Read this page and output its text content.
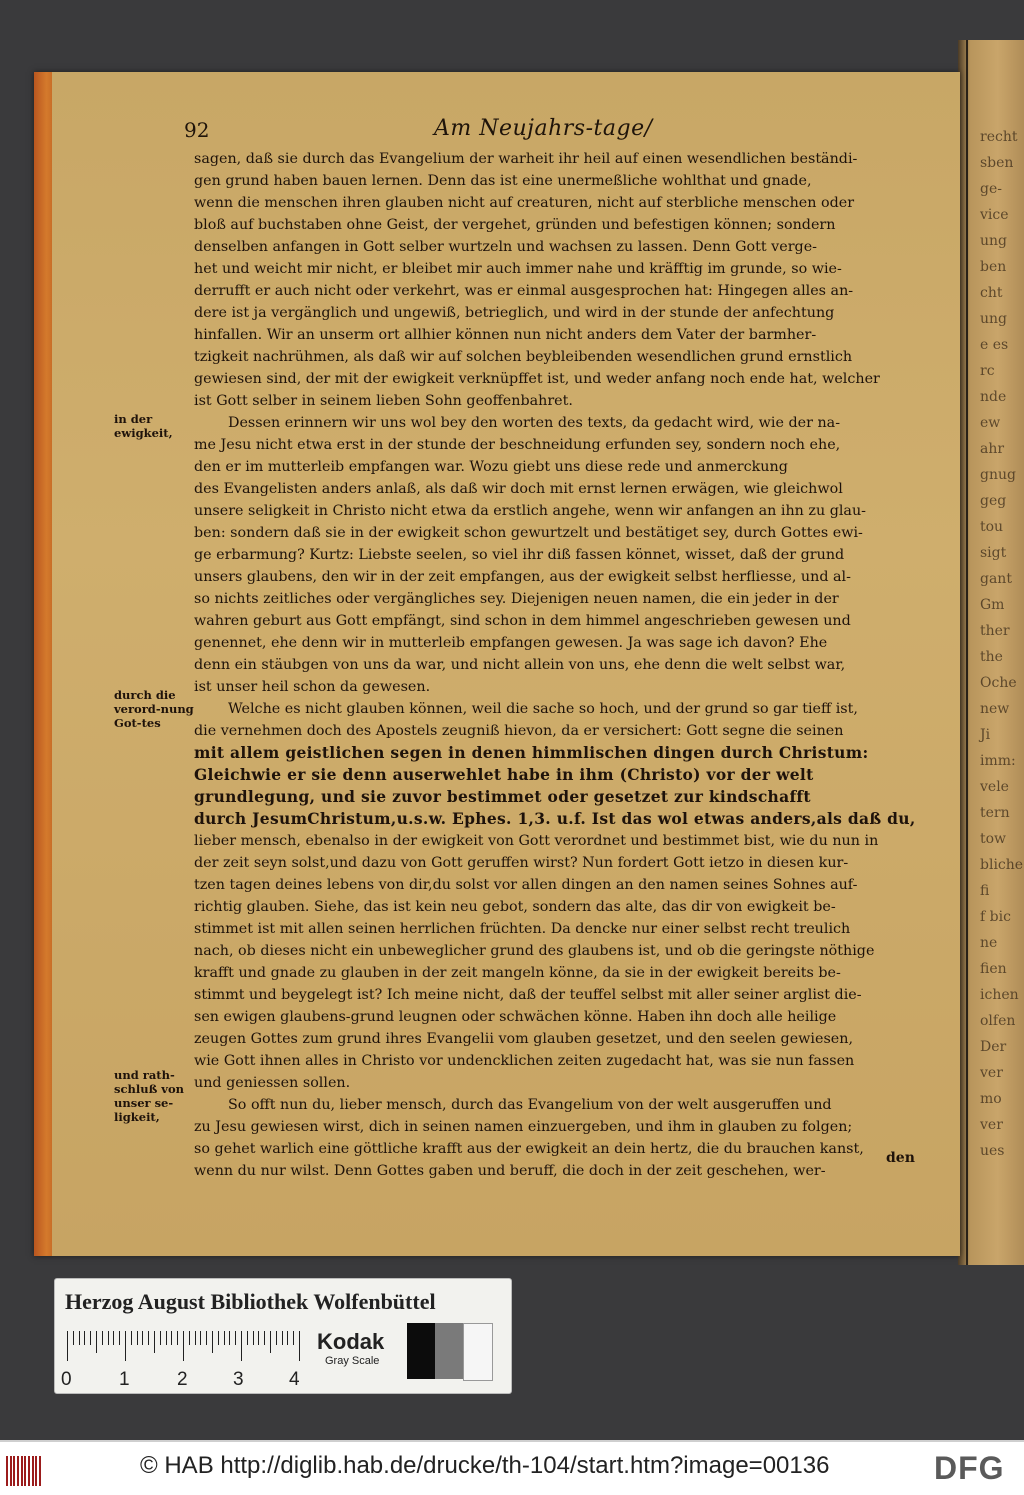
recht
sben
ge-
vice
ung
ben
cht
ung
e es
rc
nde
ew
ahr
gnug
geg
tou
sigt
gant
Gm
ther
the
Oche
new
Ji
imm:
vele
tern
tow
bliche
fi
f bic
ne
fien
ichen
olfen
Der
ver
mo
ver
ues
92	Am Neujahrs-tage/
sagen, daß sie durch das Evangelium der warheit ihr heil auf einen wesendlichen beständi-
gen grund haben bauen lernen. Denn das ist eine unermeßliche wohlthat und gnade,
wenn die menschen ihren glauben nicht auf creaturen, nicht auf sterbliche menschen oder
bloß auf buchstaben ohne Geist, der vergehet, gründen und befestigen können; sondern
denselben anfangen in Gott selber wurtzeln und wachsen zu lassen. Denn Gott verge-
het und weicht mir nicht, er bleibet mir auch immer nahe und kräfftig im grunde, so wie-
derrufft er auch nicht oder verkehrt, was er einmal ausgesprochen hat: Hingegen alles an-
dere ist ja vergänglich und ungewiß, betrieglich, und wird in der stunde der anfechtung
hinfallen. Wir an unserm ort allhier können nun nicht anders dem Vater der barmher-
tzigkeit nachrühmen, als daß wir auf solchen beybleibenden wesendlichen grund ernstlich
gewiesen sind, der mit der ewigkeit verknüpffet ist, und weder anfang noch ende hat, welcher
ist Gott selber in seinem lieben Sohn geoffenbahret.
Dessen erinnern wir uns wol bey den worten des texts, da gedacht wird, wie der na-
me Jesu nicht etwa erst in der stunde der beschneidung erfunden sey, sondern noch ehe,
den er im mutterleib empfangen war. Wozu giebt uns diese rede und anmerckung
des Evangelisten anders anlaß, als daß wir doch mit ernst lernen erwägen, wie gleichwol
unsere seligkeit in Christo nicht etwa da erstlich angehe, wenn wir anfangen an ihn zu glau-
ben: sondern daß sie in der ewigkeit schon gewurtzelt und bestätiget sey, durch Gottes ewi-
ge erbarmung? Kurtz: Liebste seelen, so viel ihr diß fassen könnet, wisset, daß der grund
unsers glaubens, den wir in der zeit empfangen, aus der ewigkeit selbst herfliesse, und al-
so nichts zeitliches oder vergängliches sey. Diejenigen neuen namen, die ein jeder in der
wahren geburt aus Gott empfängt, sind schon in dem himmel angeschrieben gewesen und
genennet, ehe denn wir in mutterleib empfangen gewesen. Ja was sage ich davon? Ehe
denn ein stäubgen von uns da war, und nicht allein von uns, ehe denn die welt selbst war,
ist unser heil schon da gewesen.
Welche es nicht glauben können, weil die sache so hoch, und der grund so gar tieff ist,
die vernehmen doch des Apostels zeugniß hievon, da er versichert: Gott segne die seinen
mit allem geistlichen segen in denen himmlischen dingen durch Christum:
Gleichwie er sie denn auserwehlet habe in ihm (Christo) vor der welt
grundlegung, und sie zuvor bestimmet oder gesetzet zur kindschafft
durch JesumChristum,u.s.w. Ephes. 1,3. u.f. Ist das wol etwas anders,als daß du,
lieber mensch, ebenalso in der ewigkeit von Gott verordnet und bestimmet bist, wie du nun in
der zeit seyn solst,und dazu von Gott geruffen wirst? Nun fordert Gott ietzo in diesen kur-
tzen tagen deines lebens von dir,du solst vor allen dingen an den namen seines Sohnes auf-
richtig glauben. Siehe, das ist kein neu gebot, sondern das alte, das dir von ewigkeit be-
stimmet ist mit allen seinen herrlichen früchten. Da dencke nur einer selbst recht treulich
nach, ob dieses nicht ein unbeweglicher grund des glaubens ist, und ob die geringste nöthige
krafft und gnade zu glauben in der zeit mangeln könne, da sie in der ewigkeit bereits be-
stimmt und beygelegt ist? Ich meine nicht, daß der teuffel selbst mit aller seiner arglist die-
sen ewigen glaubens-grund leugnen oder schwächen könne. Haben ihn doch alle heilige
zeugen Gottes zum grund ihres Evangelii vom glauben gesetzet, und den seelen gewiesen,
wie Gott ihnen alles in Christo vor undencklichen zeiten zugedacht hat, was sie nun fassen
und geniessen sollen.
So offt nun du, lieber mensch, durch das Evangelium von der welt ausgeruffen und
zu Jesu gewiesen wirst, dich in seinen namen einzuergeben, und ihm in glauben zu folgen;
so gehet warlich eine göttliche krafft aus der ewigkeit an dein hertz, die du brauchen kanst,
wenn du nur wilst. Denn Gottes gaben und beruff, die doch in der zeit geschehen, wer-
in der ewigkeit,
durch die verord-nung Got-tes
und rath-schluß von unser se-ligkeit,
den
Herzog August Bibliothek Wolfenbüttel
0 1 2 3 4
Kodak
Gray Scale
© HAB http://diglib.hab.de/drucke/th-104/start.htm?image=00136	DFG
